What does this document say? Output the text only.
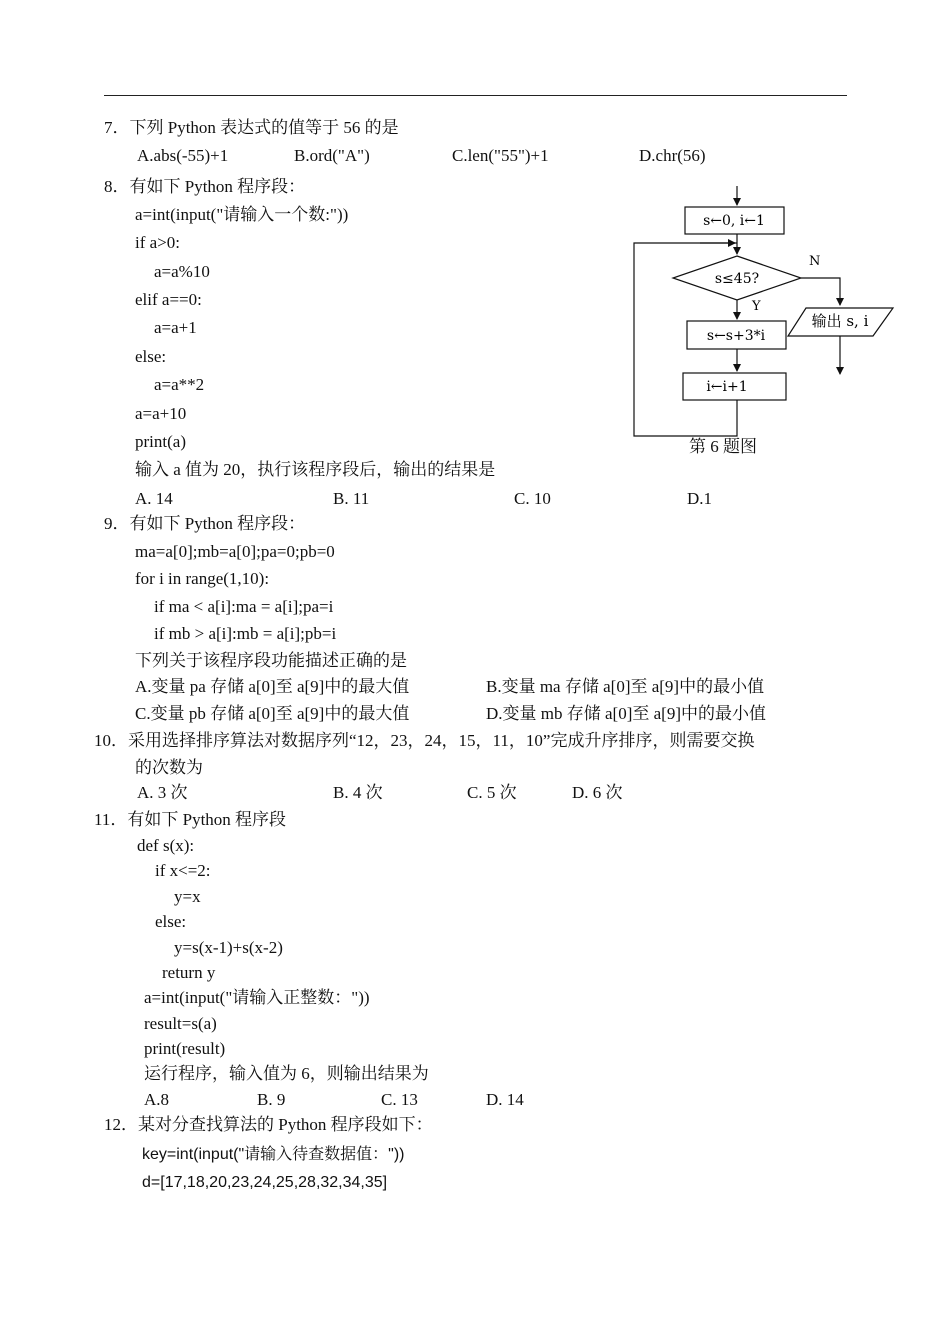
7．下列 Python 表达式的值等于 56 的是
A.abs(-55)+1	B.ord("A")	C.len("55")+1	D.chr(56)
8．有如下 Python 程序段：
a=int(input("请输入一个数:"))
if a>0:
a=a%10
elif a==0:
a=a+1
else:
a=a**2
a=a+10
print(a)
输入 a 值为 20，执行该程序段后，输出的结果是
A. 14	B. 11	C. 10	D.1
s←0, i←1
s≤45?
N
Y
s←s+3*i
i←i+1
输出 s, i
第 6 题图
9．有如下 Python 程序段：
ma=a[0];mb=a[0];pa=0;pb=0
for i in range(1,10):
if ma < a[i]:ma = a[i];pa=i
if mb > a[i]:mb = a[i];pb=i
下列关于该程序段功能描述正确的是
A.变量 pa 存储 a[0]至 a[9]中的最大值	B.变量 ma 存储 a[0]至 a[9]中的最小值
C.变量 pb 存储 a[0]至 a[9]中的最大值	D.变量 mb 存储 a[0]至 a[9]中的最小值
10．采用选择排序算法对数据序列“12，23，24，15，11，10”完成升序排序，则需要交换
的次数为
A. 3 次	B. 4 次	C. 5 次	D. 6 次
11．有如下 Python 程序段
def s(x):
if x<=2:
y=x
else:
y=s(x-1)+s(x-2)
return y
a=int(input("请输入正整数："))
result=s(a)
print(result)
运行程序，输入值为 6，则输出结果为
A.8	B. 9	C. 13	D. 14
12．某对分查找算法的 Python 程序段如下：
key=int(input("请输入待查数据值："))
d=[17,18,20,23,24,25,28,32,34,35]
